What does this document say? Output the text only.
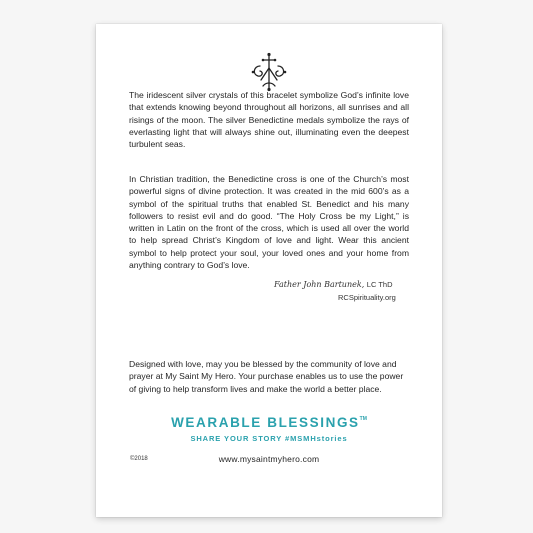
The iridescent silver crystals of this bracelet symbolize God’s infinite love that extends knowing beyond throughout all horizons, all sunrises and all risings of the moon. The silver Benedictine medals symbolize the rays of everlasting light that will always shine out, illuminating even the deepest turbulent seas.

In Christian tradition, the Benedictine cross is one of the Church’s most powerful signs of divine protection. It was created in the mid 600’s as a symbol of the spiritual truths that enabled St. Benedict and his many followers to resist evil and do good. “The Holy Cross be my Light,” is written in Latin on the front of the cross, which is used all over the world to help spread Christ’s Kingdom of love and light. Wear this ancient symbol to help protect your soul, your loved ones and your home from anything contrary to God’s love.

Father John Bartunek, LC ThD
RCSpirituality.org

Designed with love, may you be blessed by the community of love and prayer at My Saint My Hero. Your purchase enables us to use the power of giving to help transform lives and make the world a better place.

WEARABLE BLESSINGS™
SHARE YOUR STORY #MSMHstories
©2018	www.mysaintmyhero.com
